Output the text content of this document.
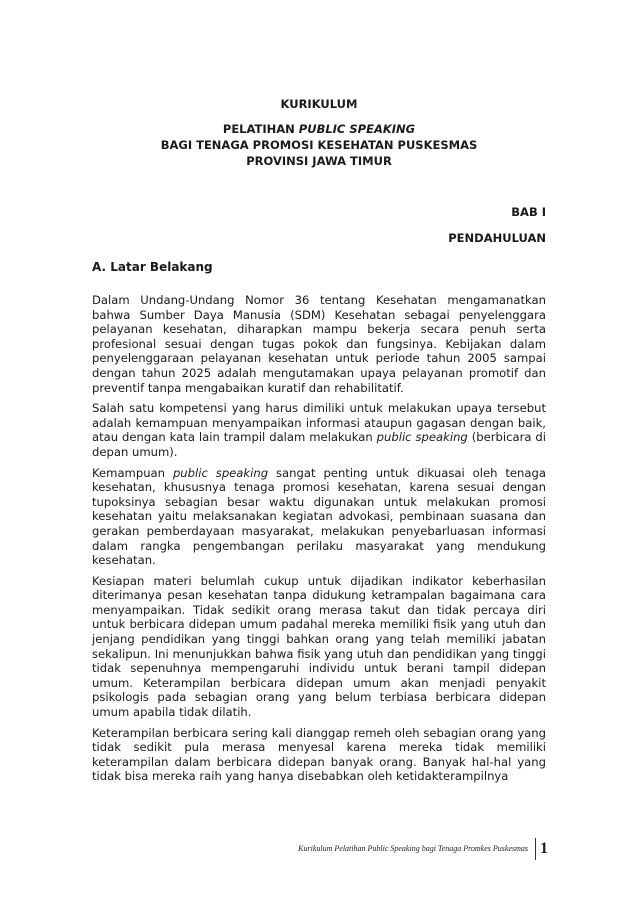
KURIKULUM
PELATIHAN PUBLIC SPEAKING
BAGI TENAGA PROMOSI KESEHATAN PUSKESMAS
PROVINSI JAWA TIMUR
BAB I
PENDAHULUAN
A. Latar Belakang

Dalam Undang-Undang Nomor 36 tentang Kesehatan mengamanatkan bahwa Sumber Daya Manusia (SDM) Kesehatan sebagai penyelenggara pelayanan kesehatan, diharapkan mampu bekerja secara penuh serta profesional sesuai dengan tugas pokok dan fungsinya. Kebijakan dalam penyelenggaraan pelayanan kesehatan untuk periode tahun 2005 sampai dengan tahun 2025 adalah mengutamakan upaya pelayanan promotif dan preventif tanpa mengabaikan kuratif dan rehabilitatif.

Salah satu kompetensi yang harus dimiliki untuk melakukan upaya tersebut adalah kemampuan menyampaikan informasi ataupun gagasan dengan baik, atau dengan kata lain trampil dalam melakukan public speaking (berbicara di depan umum).

Kemampuan public speaking sangat penting untuk dikuasai oleh tenaga kesehatan, khususnya tenaga promosi kesehatan, karena sesuai dengan tupoksinya sebagian besar waktu digunakan untuk melakukan promosi kesehatan yaitu melaksanakan kegiatan advokasi, pembinaan suasana dan gerakan pemberdayaan masyarakat, melakukan penyebarluasan informasi dalam rangka pengembangan perilaku masyarakat yang mendukung kesehatan.

Kesiapan materi belumlah cukup untuk dijadikan indikator keberhasilan diterimanya pesan kesehatan tanpa didukung ketrampalan bagaimana cara menyampaikan. Tidak sedikit orang merasa takut dan tidak percaya diri untuk berbicara didepan umum padahal mereka memiliki fisik yang utuh dan jenjang pendidikan yang tinggi bahkan orang yang telah memiliki jabatan sekalipun. Ini menunjukkan bahwa fisik yang utuh dan pendidikan yang tinggi tidak sepenuhnya mempengaruhi individu untuk berani tampil didepan umum. Keterampilan berbicara didepan umum akan menjadi penyakit psikologis pada sebagian orang yang belum terbiasa berbicara didepan umum apabila tidak dilatih.

Keterampilan berbicara sering kali dianggap remeh oleh sebagian orang yang tidak sedikit pula merasa menyesal karena mereka tidak memiliki keterampilan dalam berbicara didepan banyak orang. Banyak hal-hal yang tidak bisa mereka raih yang hanya disebabkan oleh ketidakterampilnya

Kurikulum Pelatihan Public Speaking bagi Tenaga Promkes Puskesmas 1
